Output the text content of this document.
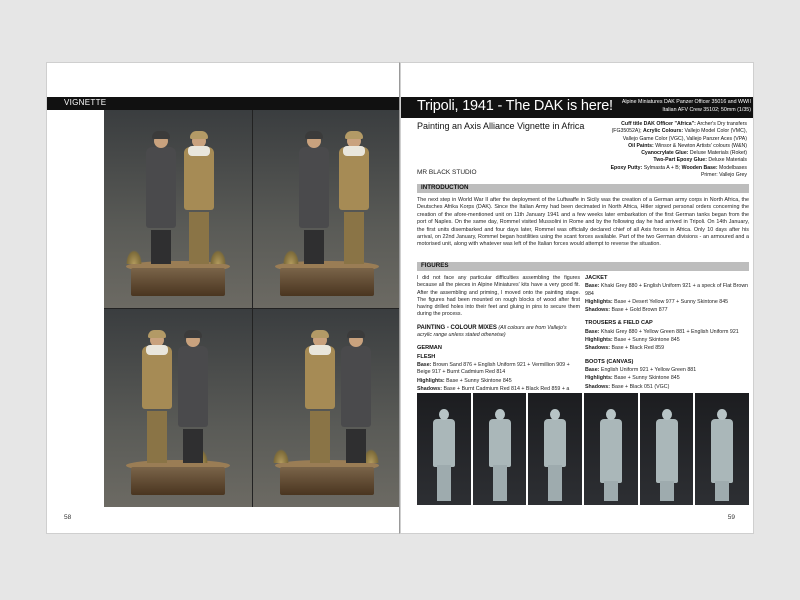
VIGNETTE
58
Tripoli, 1941 - The DAK is here!	Alpine Miniatures DAK Panzer Officer 35016 and WWII
Italian AFV Crew 35102; 50mm (1/35)
Painting an Axis Alliance Vignette in Africa
MR BLACK STUDIO
Cuff title DAK Officer "Africa": Archer's Dry transfers
(FG35052A); Acrylic Colours: Vallejo Model Color (VMC),
Vallejo Game Color (VGC), Vallejo Panzer Aces (VPA)
Oil Paints: Winsor & Newton Artists' colours (W&N)
Cyanocrylate Glue: Deluxe Materials (Roket)
Two-Part Epoxy Glue: Deluxe Materials
Epoxy Putty: Sylmasta A + B; Wooden Base: Modelbases
Primer: Vallejo Grey
INTRODUCTION
The next step in World War II after the deployment of the Luftwaffe in Sicily was the creation of a German army corps in North Africa, the Deutsches Afrika Korps (DAK). Since the Italian Army had been decimated in North Africa, Hitler signed personal orders concerning the creation of the afore-mentioned unit on 11th January 1941 and a few weeks later embarkation of the first German tanks began from the port of Naples. On the same day, Rommel visited Mussolini in Rome and by the following day he had arrived in Tripoli. On 14th January, the first units disembarked and four days later, Rommel was officially declared chief of all Axis forces in Africa. Only 10 days after his arrival, on 22nd January, Rommel began hostilities using the scant forces available. Part of the two German divisions - an armoured and a motorised unit, along with whatever was left of the Italian forces would attempt to reverse the situation.
FIGURES

I did not face any particular difficulties assembling the figures because all the pieces in Alpine Miniatures' kits have a very good fit. After the assembling and priming, I moved onto the painting stage. The figures had been mounted on rough blocks of wood after first having drilled holes into their feet and gluing in pins to secure them during the process.

PAINTING - COLOUR MIXES (All colours are from Vallejo's acrylic range unless stated otherwise)

GERMAN

FLESH

Base: Brown Sand 876 + English Uniform 921 + Vermillion 909 + Beige 917 + Burnt Cadmium Red 814

Highlights: Base + Sunny Skintone 845

Shadows: Base + Burnt Cadmium Red 814 + Black Red 859 + a

JACKET

Base: Khaki Grey 880 + English Uniform 921 + a speck of Flat Brown 984

Highlights: Base + Desert Yellow 977 + Sunny Skintone 845

Shadows: Base + Gold Brown 877

TROUSERS & FIELD CAP

Base: Khaki Grey 880 + Yellow Green 881 + English Uniform 921

Highlights: Base + Sunny Skintone 845

Shadows: Base + Black Red 859

BOOTS (CANVAS)

Base: English Uniform 921 + Yellow Green 881

Highlights: Base + Sunny Skintone 845

Shadows: Base + Black 051 (VGC)

59
